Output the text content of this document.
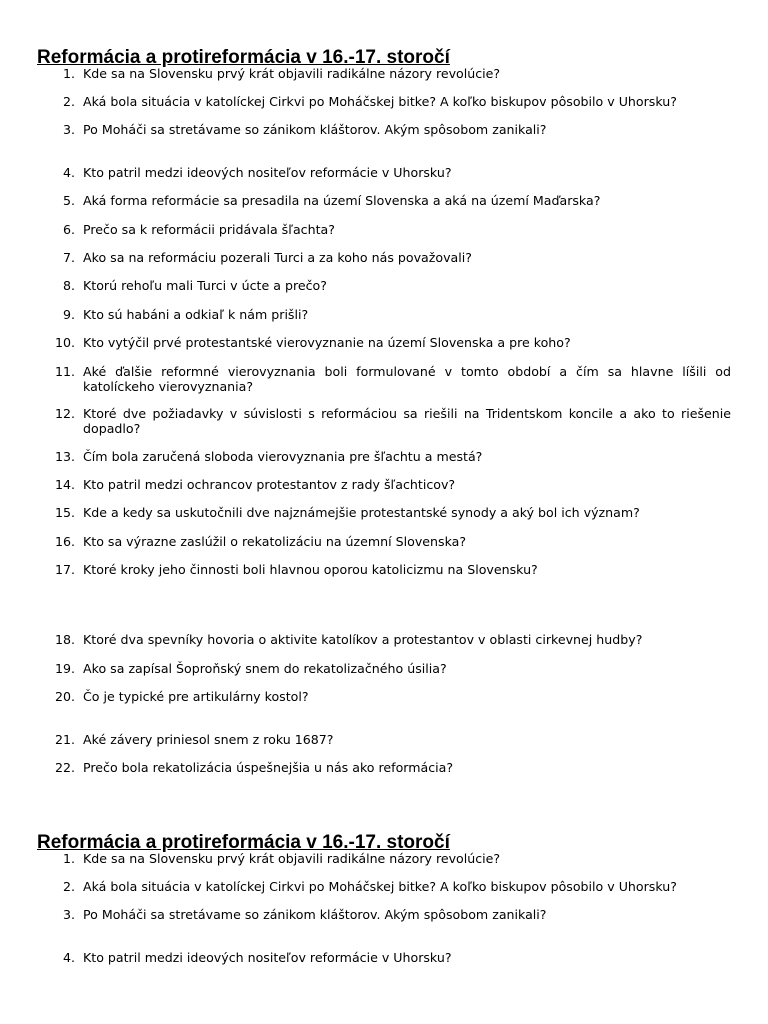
Reformácia a protireformácia v 16.-17. storočí
1. Kde sa na Slovensku prvý krát objavili radikálne názory revolúcie?
2. Aká bola situácia v katolíckej Cirkvi po Moháčskej bitke? A koľko biskupov pôsobilo v Uhorsku?
3. Po Moháči sa stretávame so zánikom kláštorov. Akým spôsobom zanikali?
4. Kto patril medzi ideových nositeľov reformácie v Uhorsku?
5. Aká forma reformácie sa presadila na území Slovenska a aká na území Maďarska?
6. Prečo sa k reformácii pridávala šľachta?
7. Ako sa na reformáciu pozerali Turci a za koho nás považovali?
8. Ktorú rehoľu mali Turci v úcte a prečo?
9. Kto sú habáni a odkiaľ k nám prišli?
10. Kto vytýčil prvé protestantské vierovyznanie na území Slovenska a pre koho?
11. Aké ďalšie reformné vierovyznania boli formulované v tomto období a čím sa hlavne líšili od katolíckeho vierovyznania?
12. Ktoré dve požiadavky v súvislosti s reformáciou sa riešili na Tridentskom koncile a ako to riešenie dopadlo?
13. Čím bola zaručená sloboda vierovyznania pre šľachtu a mestá?
14. Kto patril medzi ochrancov protestantov z rady šľachticov?
15. Kde a kedy sa uskutočnili dve najznámejšie protestantské synody a aký bol ich význam?
16. Kto sa výrazne zaslúžil o rekatolizáciu na územní Slovenska?
17. Ktoré kroky jeho činnosti boli hlavnou oporou katolicizmu na Slovensku?
18. Ktoré dva spevníky hovoria o aktivite katolíkov a protestantov v oblasti cirkevnej hudby?
19. Ako sa zapísal Šoproňský snem do rekatolizačného úsilia?
20. Čo je typické pre artikulárny kostol?
21. Aké závery priniesol snem z roku 1687?
22. Prečo bola rekatolizácia úspešnejšia u nás ako reformácia?
Reformácia a protireformácia v 16.-17. storočí
1. Kde sa na Slovensku prvý krát objavili radikálne názory revolúcie?
2. Aká bola situácia v katolíckej Cirkvi po Moháčskej bitke? A koľko biskupov pôsobilo v Uhorsku?
3. Po Moháči sa stretávame so zánikom kláštorov. Akým spôsobom zanikali?
4. Kto patril medzi ideových nositeľov reformácie v Uhorsku?
